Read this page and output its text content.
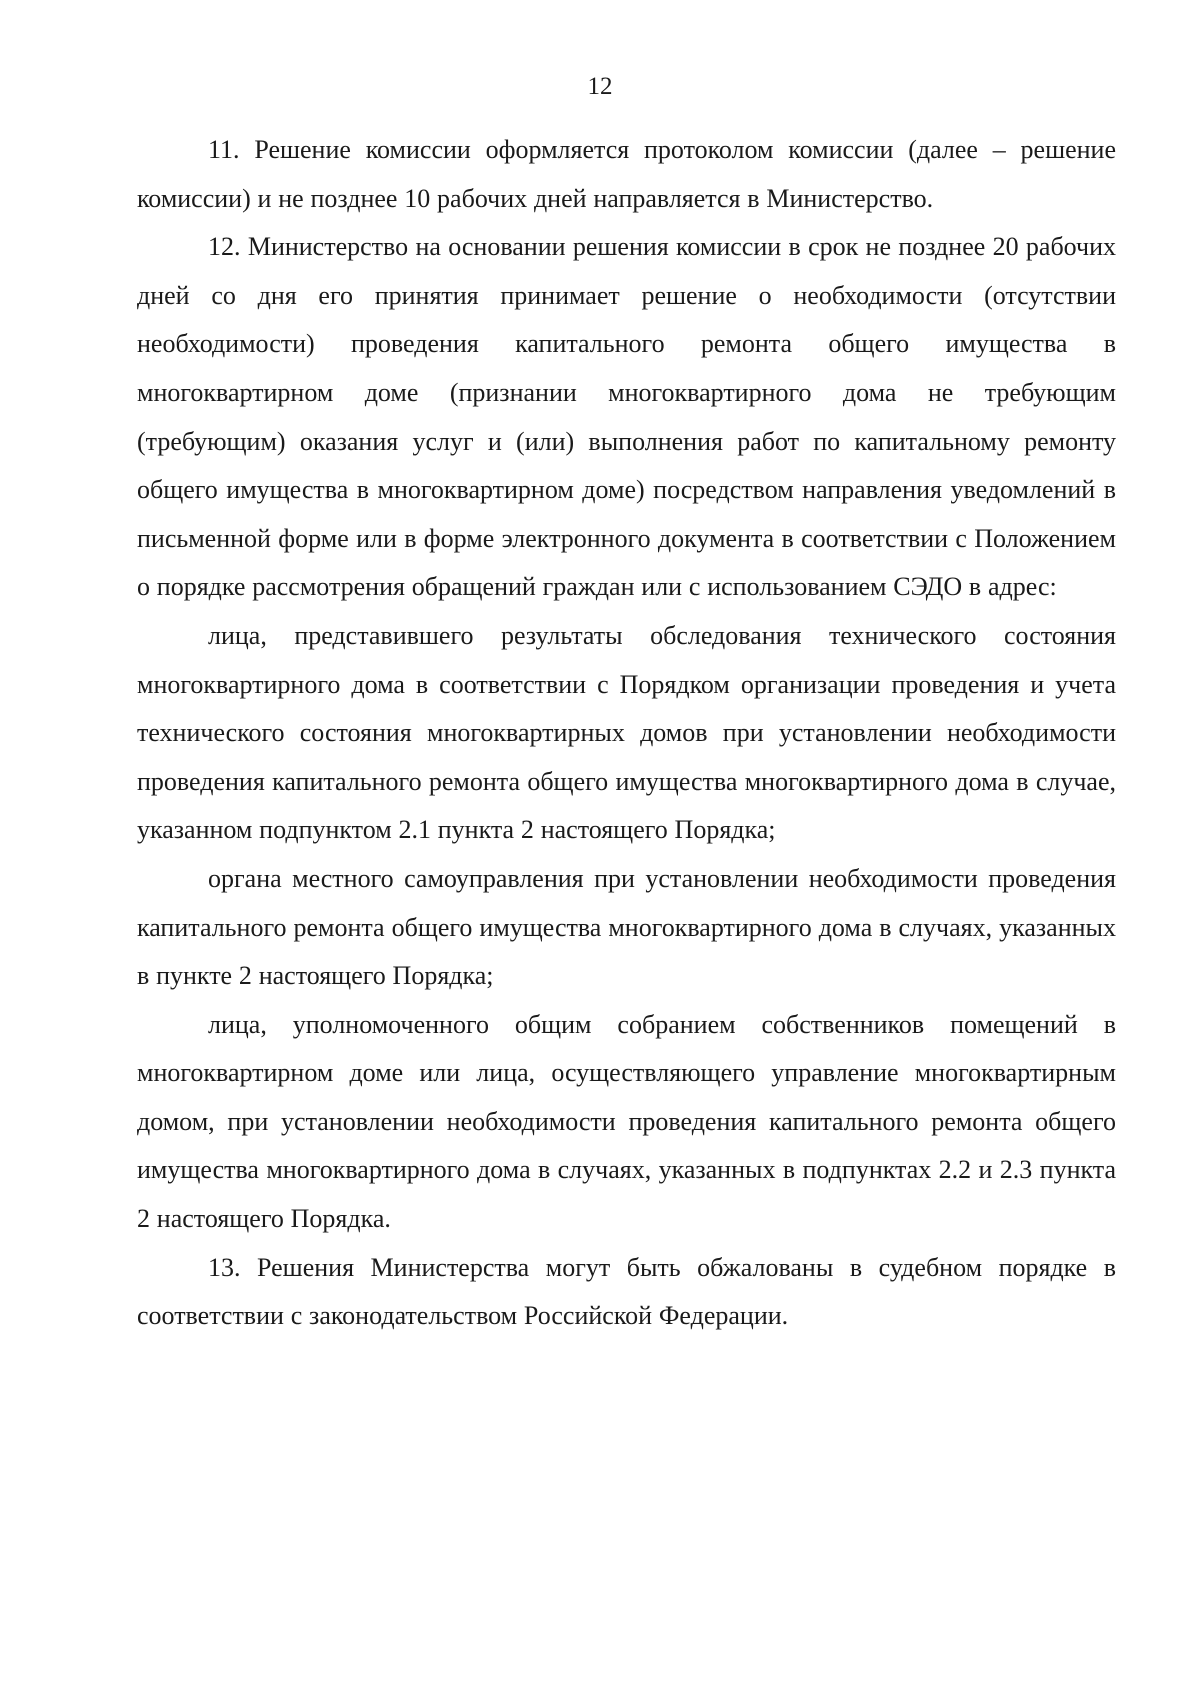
12

11. Решение комиссии оформляется протоколом комиссии (далее – решение комиссии) и не позднее 10 рабочих дней направляется в Министерство.

12. Министерство на основании решения комиссии в срок не позднее 20 рабочих дней со дня его принятия принимает решение о необходимости (отсутствии необходимости) проведения капитального ремонта общего имущества в многоквартирном доме (признании многоквартирного дома не требующим (требующим) оказания услуг и (или) выполнения работ по капитальному ремонту общего имущества в многоквартирном доме) посредством направления уведомлений в письменной форме или в форме электронного документа в соответствии с Положением о порядке рассмотрения обращений граждан или с использованием СЭДО в адрес:

лица, представившего результаты обследования технического состояния многоквартирного дома в соответствии с Порядком организации проведения и учета технического состояния многоквартирных домов при установлении необходимости проведения капитального ремонта общего имущества многоквартирного дома в случае, указанном подпунктом 2.1 пункта 2 настоящего Порядка;

органа местного самоуправления при установлении необходимости проведения капитального ремонта общего имущества многоквартирного дома в случаях, указанных в пункте 2 настоящего Порядка;

лица, уполномоченного общим собранием собственников помещений в многоквартирном доме или лица, осуществляющего управление многоквартирным домом, при установлении необходимости проведения капитального ремонта общего имущества многоквартирного дома в случаях, указанных в подпунктах 2.2 и 2.3 пункта 2 настоящего Порядка.

13. Решения Министерства могут быть обжалованы в судебном порядке в соответствии с законодательством Российской Федерации.
